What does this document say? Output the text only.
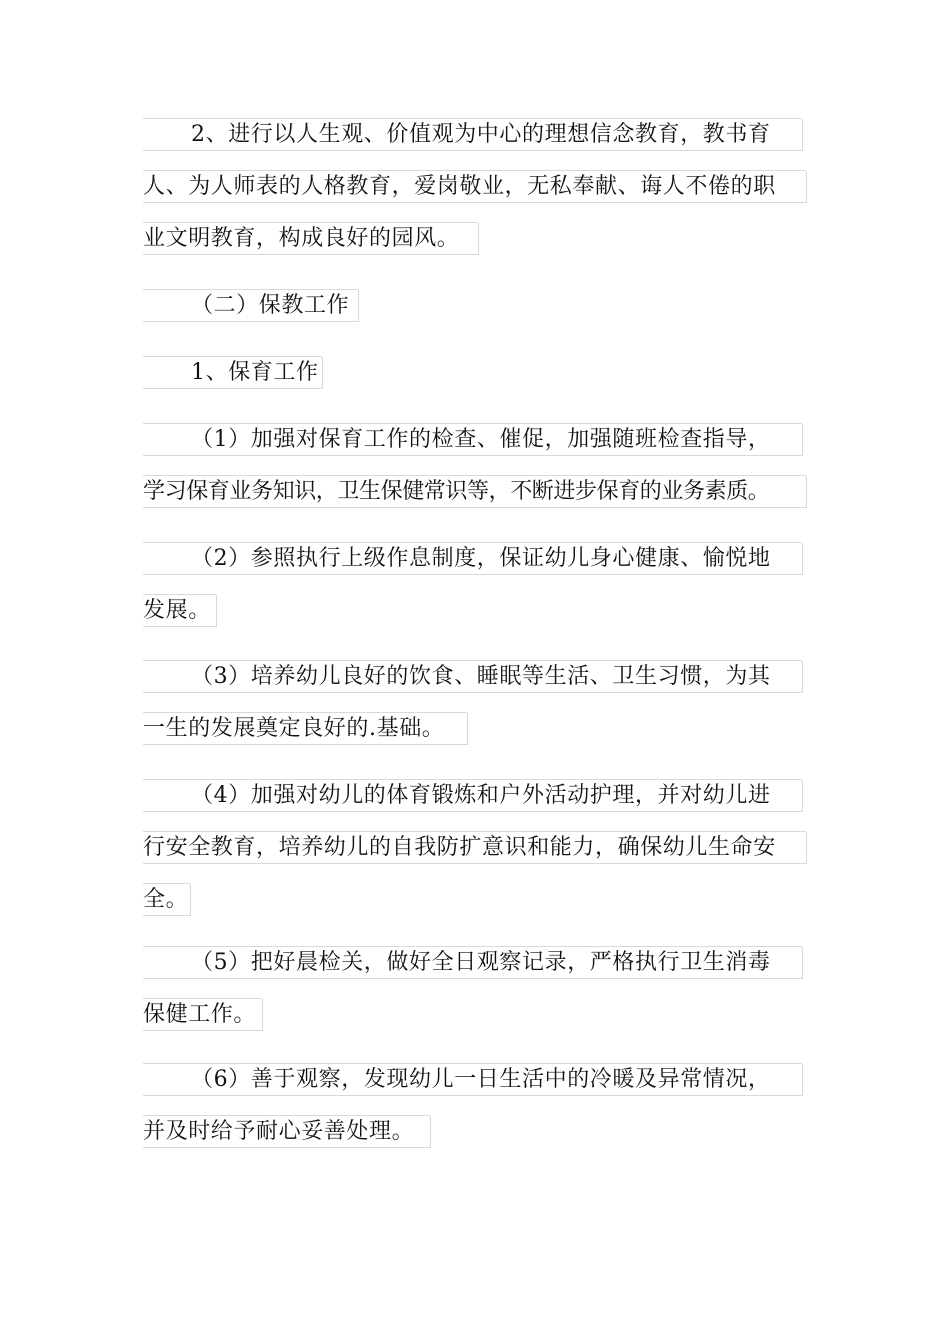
2、进行以人生观、价值观为中心的理想信念教育，教书育
人、为人师表的人格教育，爱岗敬业，无私奉献、诲人不倦的职
业文明教育，构成良好的园风。
（二）保教工作
1、保育工作
（1）加强对保育工作的检查、催促，加强随班检查指导，
学习保育业务知识，卫生保健常识等，不断进步保育的业务素质。
（2）参照执行上级作息制度，保证幼儿身心健康、愉悦地
发展。
（3）培养幼儿良好的饮食、睡眠等生活、卫生习惯，为其
一生的发展奠定良好的.基础。
（4）加强对幼儿的体育锻炼和户外活动护理，并对幼儿进
行安全教育，培养幼儿的自我防扩意识和能力，确保幼儿生命安
全。
（5）把好晨检关，做好全日观察记录，严格执行卫生消毒
保健工作。
（6）善于观察，发现幼儿一日生活中的冷暖及异常情况，
并及时给予耐心妥善处理。
